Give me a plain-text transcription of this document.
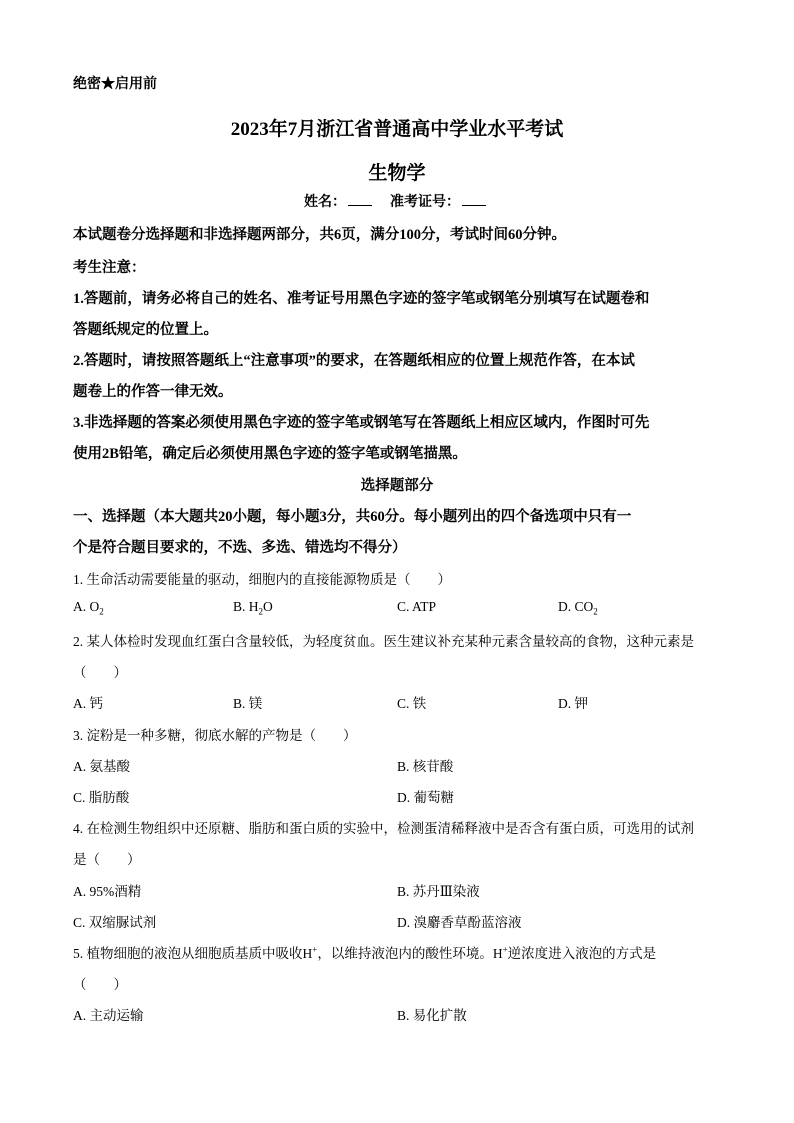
绝密★启用前
2023年7月浙江省普通高中学业水平考试
生物学
姓名：	准考证号：
本试题卷分选择题和非选择题两部分，共6页，满分100分，考试时间60分钟。
考生注意：
1.答题前，请务必将自己的姓名、准考证号用黑色字迹的签字笔或钢笔分别填写在试题卷和
答题纸规定的位置上。
2.答题时，请按照答题纸上“注意事项”的要求，在答题纸相应的位置上规范作答，在本试
题卷上的作答一律无效。
3.非选择题的答案必须使用黑色字迹的签字笔或钢笔写在答题纸上相应区域内，作图时可先
使用2B铅笔，确定后必须使用黑色字迹的签字笔或钢笔描黑。
选择题部分
一、选择题（本大题共20小题，每小题3分，共60分。每小题列出的四个备选项中只有一
个是符合题目要求的，不选、多选、错选均不得分）
1. 生命活动需要能量的驱动，细胞内的直接能源物质是（　　）
A. $O_2$	B. $H_2O$	C. ATP	D. $CO_2$
2. 某人体检时发现血红蛋白含量较低，为轻度贫血。医生建议补充某种元素含量较高的食物，这种元素是
（　　）
A. 钙	B. 镁	C. 铁	D. 钾
3. 淀粉是一种多糖，彻底水解的产物是（　　）
A. 氨基酸	B. 核苷酸
C. 脂肪酸	D. 葡萄糖
4. 在检测生物组织中还原糖、脂肪和蛋白质的实验中，检测蛋清稀释液中是否含有蛋白质，可选用的试剂
是（　　）
A. 95%酒精	B. 苏丹Ⅲ染液
C. 双缩脲试剂	D. 溴麝香草酚蓝溶液
5. 植物细胞的液泡从细胞质基质中吸收H+，以维持液泡内的酸性环境。H+逆浓度进入液泡的方式是
（　　）
A. 主动运输	B. 易化扩散
